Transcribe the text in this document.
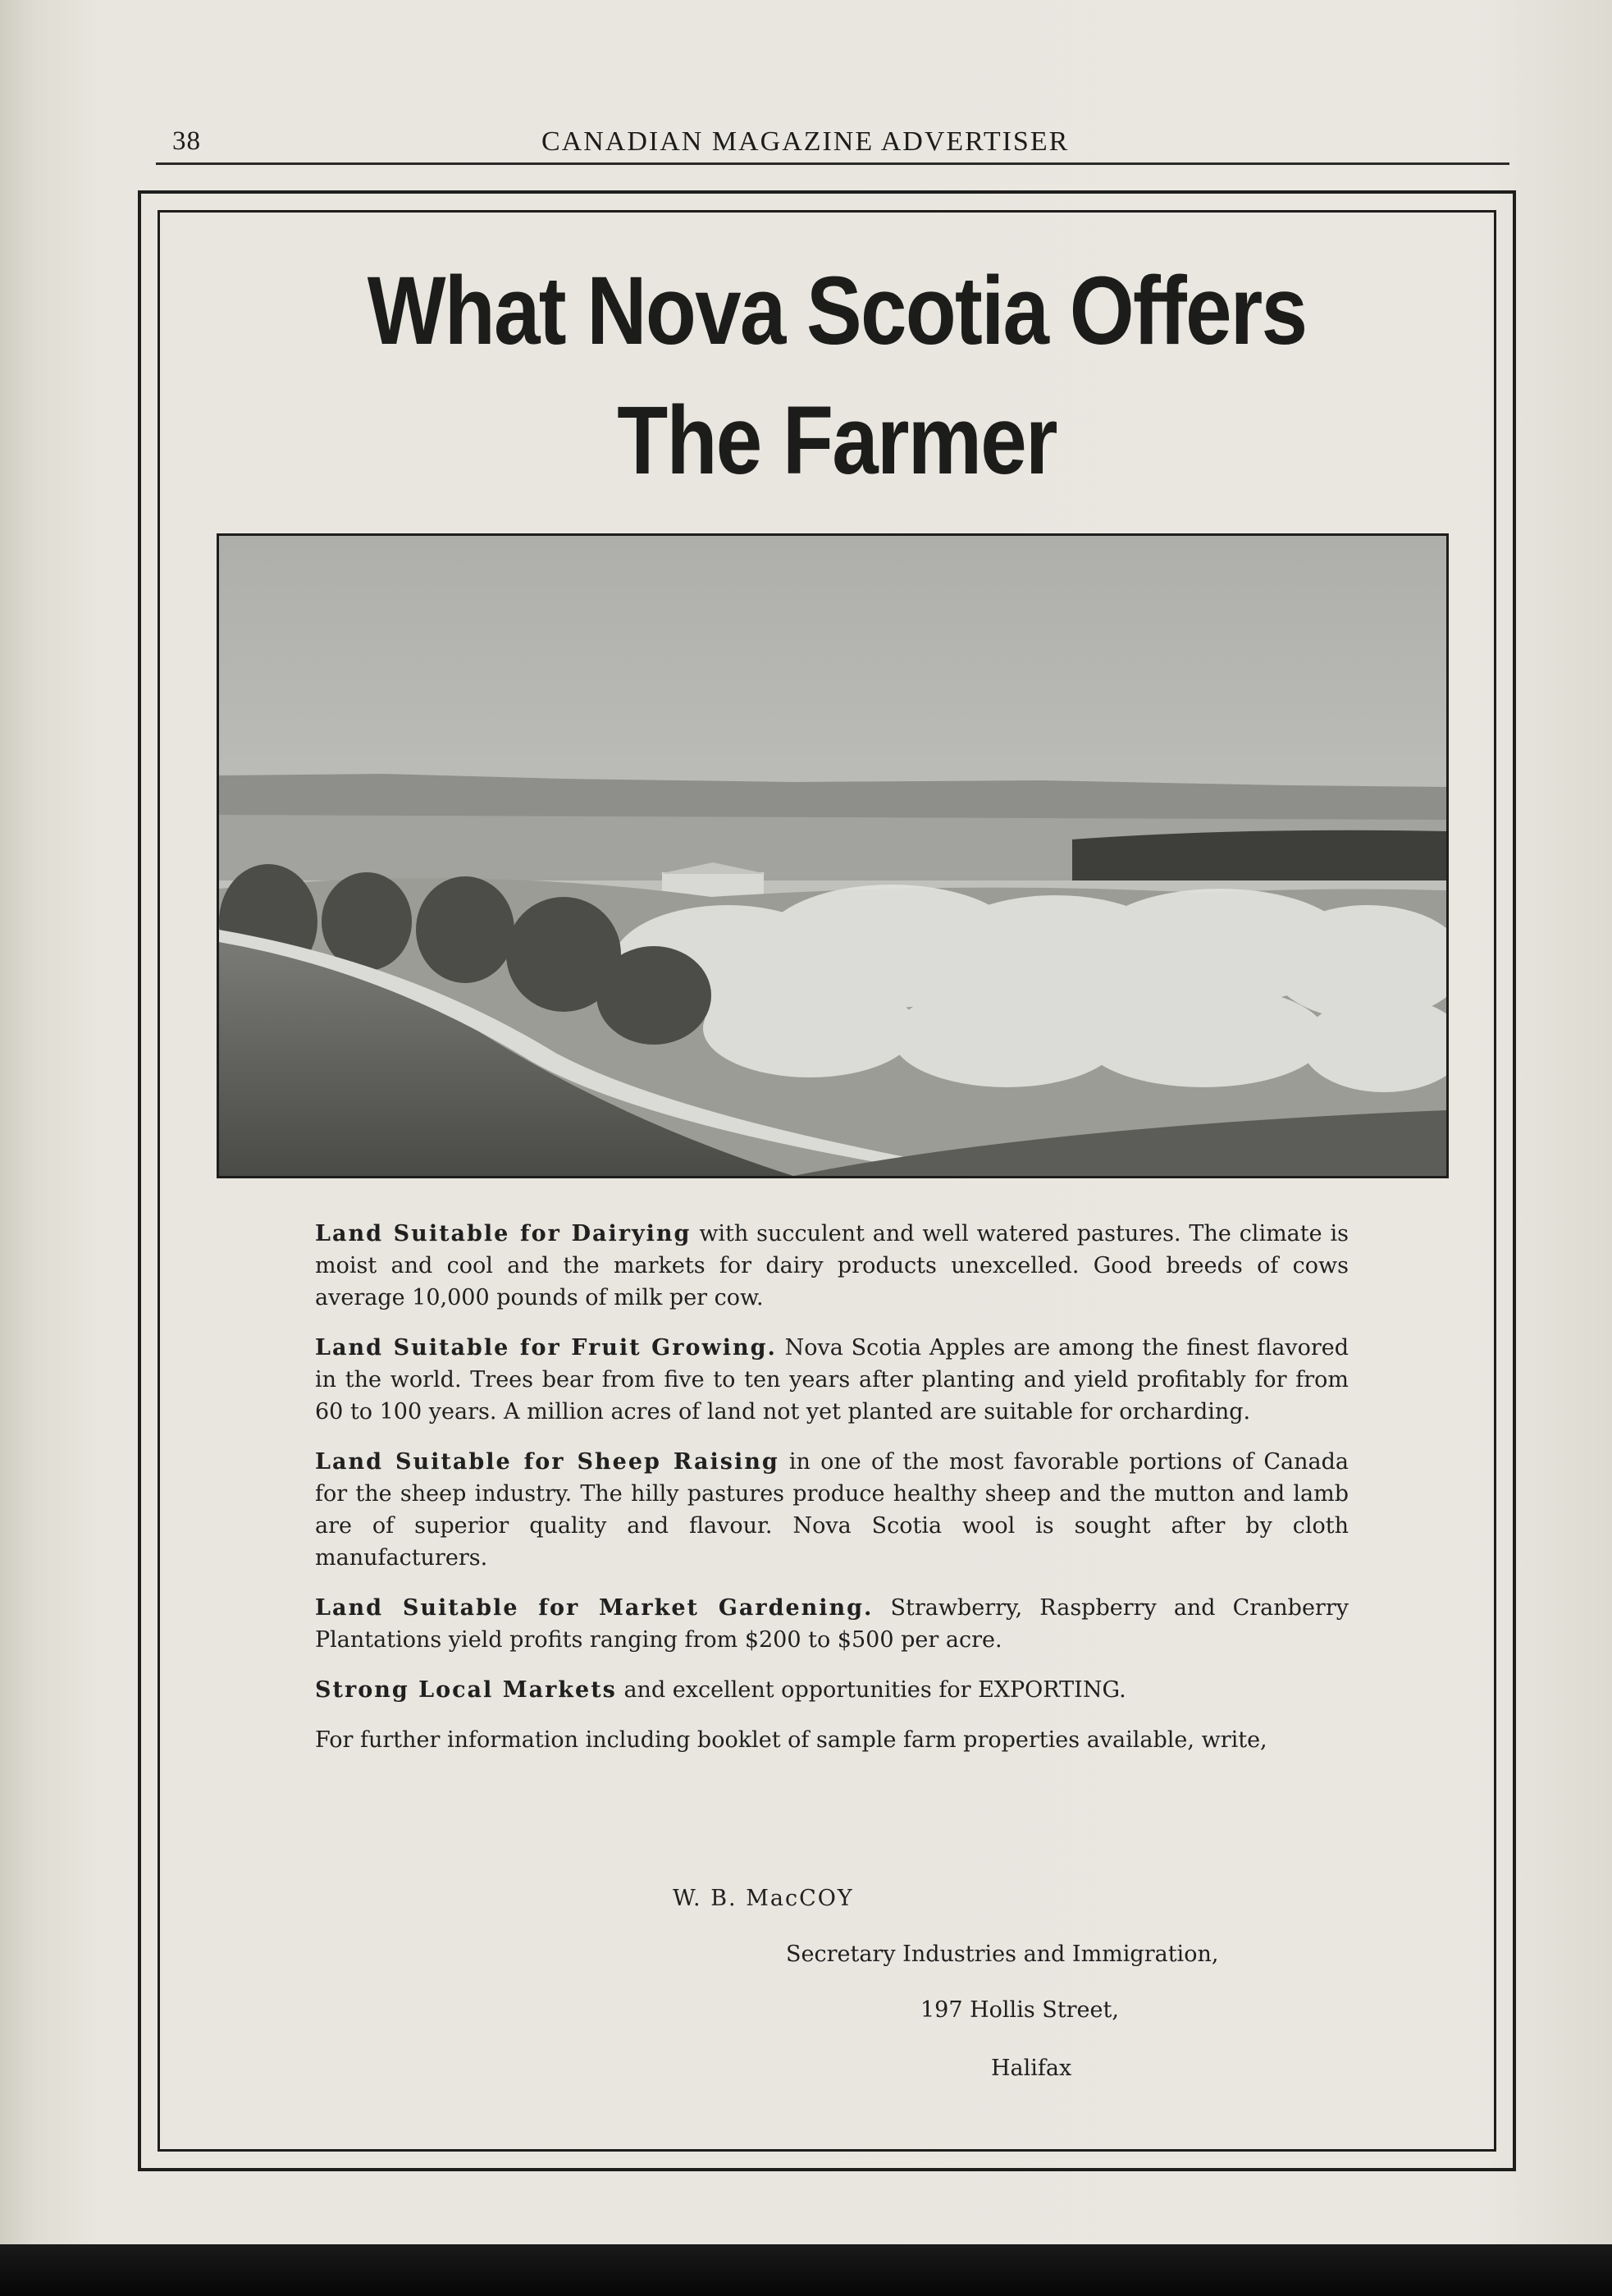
38	CANADIAN MAGAZINE ADVERTISER
What Nova Scotia Offers
The Farmer

Land Suitable for Dairying with succulent and well watered pastures. The climate is moist and cool and the markets for dairy products unexcelled. Good breeds of cows average 10,000 pounds of milk per cow.

Land Suitable for Fruit Growing. Nova Scotia Apples are among the finest flavored in the world. Trees bear from five to ten years after planting and yield profitably for from 60 to 100 years. A million acres of land not yet planted are suitable for orcharding.

Land Suitable for Sheep Raising in one of the most favorable portions of Canada for the sheep industry. The hilly pastures produce healthy sheep and the mutton and lamb are of superior quality and flavour. Nova Scotia wool is sought after by cloth manufacturers.

Land Suitable for Market Gardening. Strawberry, Raspberry and Cranberry Plantations yield profits ranging from $200 to $500 per acre.

Strong Local Markets and excellent opportunities for EXPORTING.

For further information including booklet of sample farm properties available, write,

W. B. MacCOY
Secretary Industries and Immigration,
197 Hollis Street,
Halifax
